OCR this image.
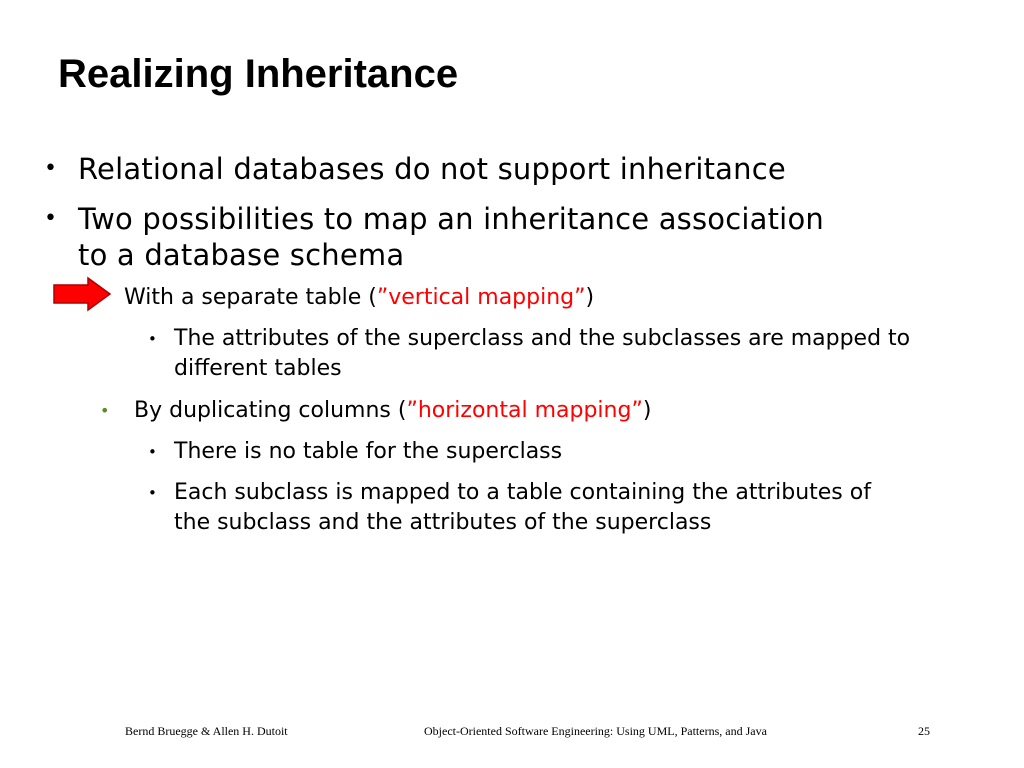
Realizing Inheritance
• Relational databases do not support inheritance
• Two possibilities to map an inheritance association to a database schema
With a separate table (”vertical mapping”)
• The attributes of the superclass and the subclasses are mapped to different tables
• By duplicating columns (”horizontal mapping”)
• There is no table for the superclass
• Each subclass is mapped to a table containing the attributes of the subclass and the attributes of the superclass
Bernd Bruegge & Allen H. Dutoit	Object-Oriented Software Engineering: Using UML, Patterns, and Java	25
